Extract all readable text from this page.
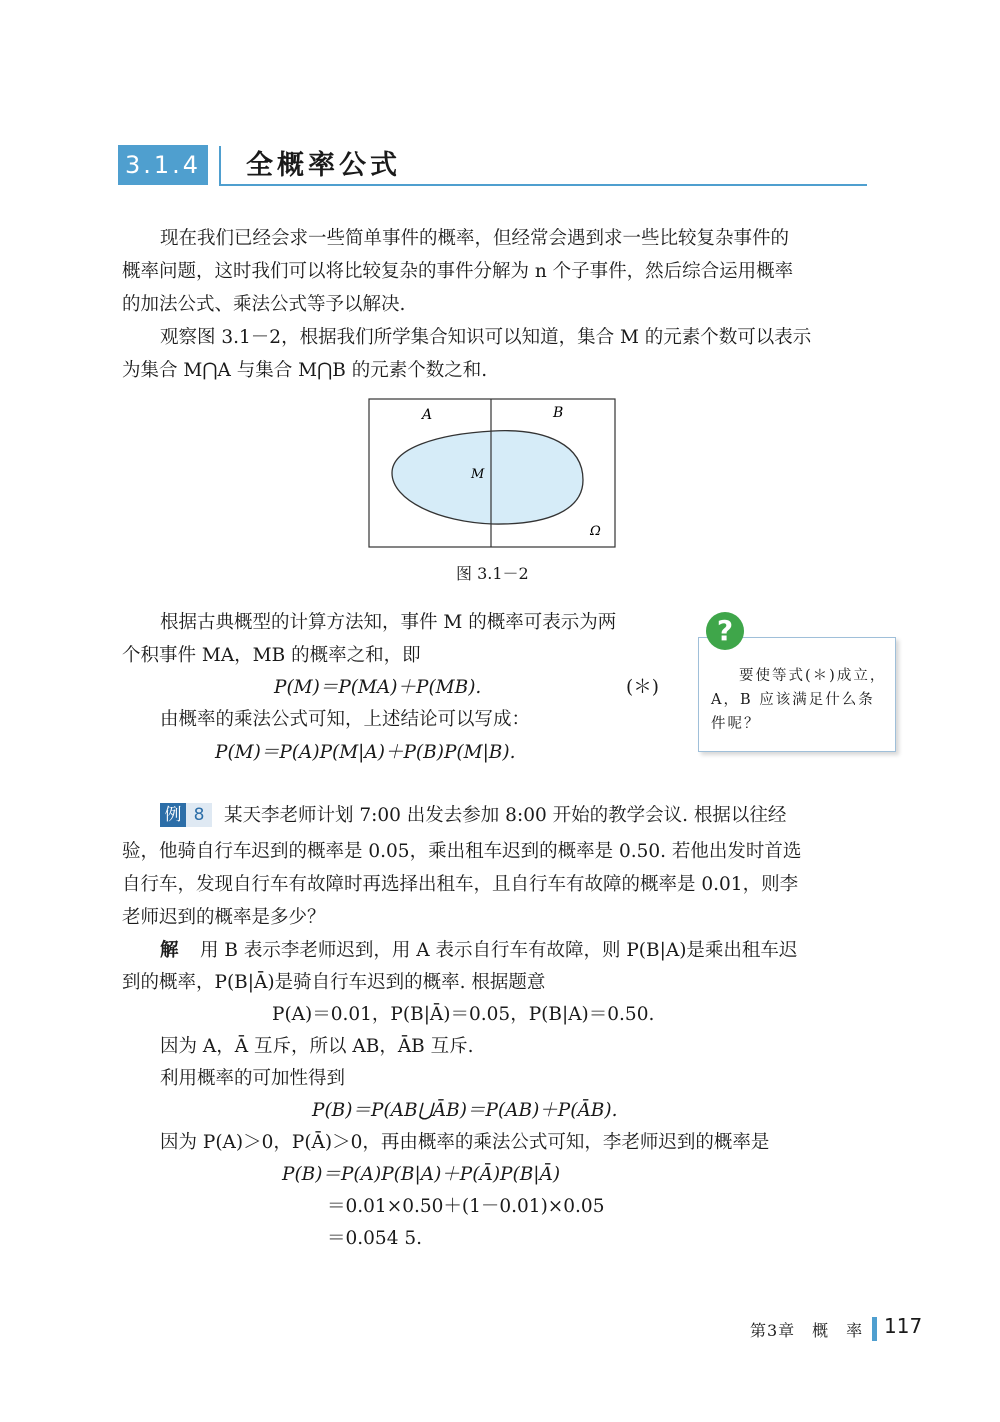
3.1.4 全概率公式
现在我们已经会求一些简单事件的概率，但经常会遇到求一些比较复杂事件的
概率问题，这时我们可以将比较复杂的事件分解为 n 个子事件，然后综合运用概率
的加法公式、乘法公式等予以解决.
观察图 3.1－2，根据我们所学集合知识可以知道，集合 M 的元素个数可以表示
为集合 M⋂A 与集合 M⋂B 的元素个数之和.
A	B
M
Ω
图 3.1－2
根据古典概型的计算方法知，事件 M 的概率可表示为两
个积事件 MA，MB 的概率之和，即
P(M)＝P(MA)＋P(MB).	(＊)
由概率的乘法公式可知，上述结论可以写成：
P(M)＝P(A)P(M|A)＋P(B)P(M|B).
要使等式(＊)成立，
A，B 应该满足什么条
件呢？
?
例 8	某天李老师计划 7:00 出发去参加 8:00 开始的教学会议. 根据以往经
验，他骑自行车迟到的概率是 0.05，乘出租车迟到的概率是 0.50. 若他出发时首选
自行车，发现自行车有故障时再选择出租车，且自行车有故障的概率是 0.01，则李
老师迟到的概率是多少？
解	用 B 表示李老师迟到，用 A 表示自行车有故障，则 P(B|A)是乘出租车迟
到的概率，P(B|Ā)是骑自行车迟到的概率. 根据题意
P(A)＝0.01，P(B|Ā)＝0.05，P(B|A)＝0.50.
因为 A，Ā 互斥，所以 AB，ĀB 互斥.
利用概率的可加性得到
P(B)＝P(AB⋃ĀB)＝P(AB)＋P(ĀB).
因为 P(A)＞0，P(Ā)＞0，再由概率的乘法公式可知，李老师迟到的概率是
P(B)＝P(A)P(B|A)＋P(Ā)P(B|Ā)
＝0.01×0.50＋(1－0.01)×0.05
＝0.054 5.
第3章　概　率 117
